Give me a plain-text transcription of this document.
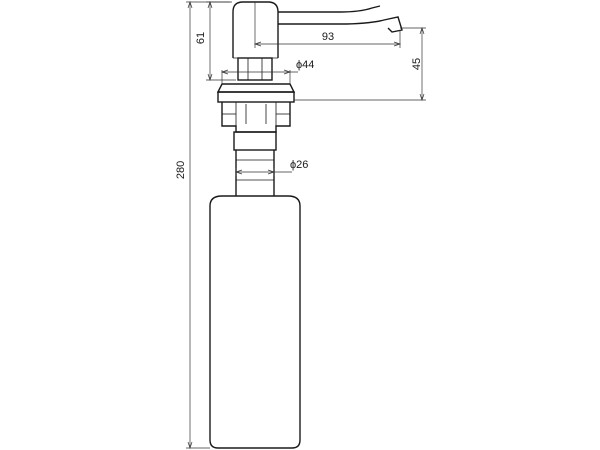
280
61	93
45
ϕ44
ϕ26
